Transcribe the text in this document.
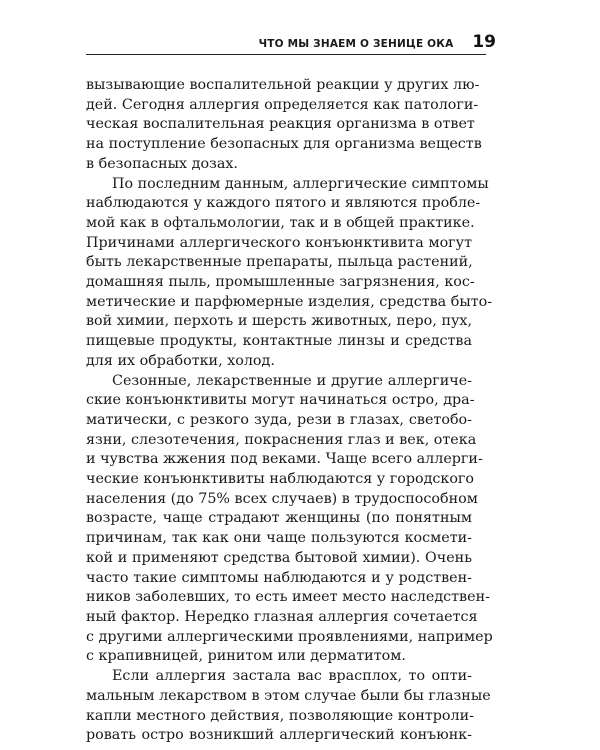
ЧТО МЫ ЗНАЕМ О ЗЕНИЦЕ ОКА 19

вызывающие воспалительной реакции у других лю-
дей. Сегодня аллергия определяется как патологи-
ческая воспалительная реакция организма в ответ
на поступление безопасных для организма веществ
в безопасных дозах.

По последним данным, аллергические симптомы
наблюдаются у каждого пятого и являются пробле-
мой как в офтальмологии, так и в общей практике.
Причинами аллергического конъюнктивита могут
быть лекарственные препараты, пыльца растений,
домашняя пыль, промышленные загрязнения, кос-
метические и парфюмерные изделия, средства быто-
вой химии, перхоть и шерсть животных, перо, пух,
пищевые продукты, контактные линзы и средства
для их обработки, холод.

Сезонные, лекарственные и другие аллергиче-
ские конъюнктивиты могут начинаться остро, дра-
матически, с резкого зуда, рези в глазах, светобо-
язни, слезотечения, покраснения глаз и век, отека
и чувства жжения под веками. Чаще всего аллерги-
ческие конъюнктивиты наблюдаются у городского
населения (до 75% всех случаев) в трудоспособном
возрасте, чаще страдают женщины (по понятным
причинам, так как они чаще пользуются космети-
кой и применяют средства бытовой химии). Очень
часто такие симптомы наблюдаются и у родствен-
ников заболевших, то есть имеет место наследствен-
ный фактор. Нередко глазная аллергия сочетается
с другими аллергическими проявлениями, например
с крапивницей, ринитом или дерматитом.

Если аллергия застала вас врасплох, то опти-
мальным лекарством в этом случае были бы глазные
капли местного действия, позволяющие контроли-
ровать остро возникший аллергический конъюнк-
